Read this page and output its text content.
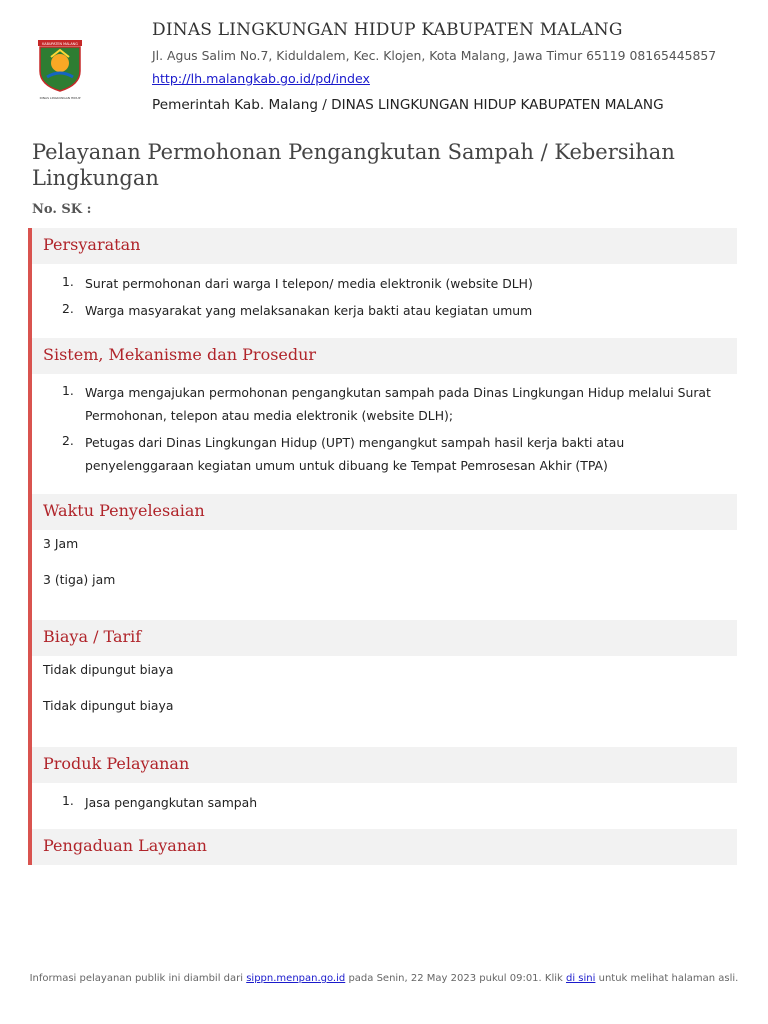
KABUPATEN MALANG
DINAS LINGKUNGAN HIDUP
DINAS LINGKUNGAN HIDUP KABUPATEN MALANG
Jl. Agus Salim No.7, Kiduldalem, Kec. Klojen, Kota Malang, Jawa Timur 65119 08165445857
http://lh.malangkab.go.id/pd/index
Pemerintah Kab. Malang / DINAS LINGKUNGAN HIDUP KABUPATEN MALANG
Pelayanan Permohonan Pengangkutan Sampah / Kebersihan Lingkungan
No. SK :
Persyaratan
1. Surat permohonan dari warga I telepon/ media elektronik (website DLH)
2. Warga masyarakat yang melaksanakan kerja bakti atau kegiatan umum
Sistem, Mekanisme dan Prosedur
1. Warga mengajukan permohonan pengangkutan sampah pada Dinas Lingkungan Hidup melalui Surat Permohonan, telepon atau media elektronik (website DLH);
2. Petugas dari Dinas Lingkungan Hidup (UPT) mengangkut sampah hasil kerja bakti atau penyelenggaraan kegiatan umum untuk dibuang ke Tempat Pemrosesan Akhir (TPA)
Waktu Penyelesaian
3 Jam
3 (tiga) jam
Biaya / Tarif
Tidak dipungut biaya
Tidak dipungut biaya
Produk Pelayanan
1. Jasa pengangkutan sampah
Pengaduan Layanan
Informasi pelayanan publik ini diambil dari sippn.menpan.go.id pada Senin, 22 May 2023 pukul 09:01. Klik di sini untuk melihat halaman asli.
